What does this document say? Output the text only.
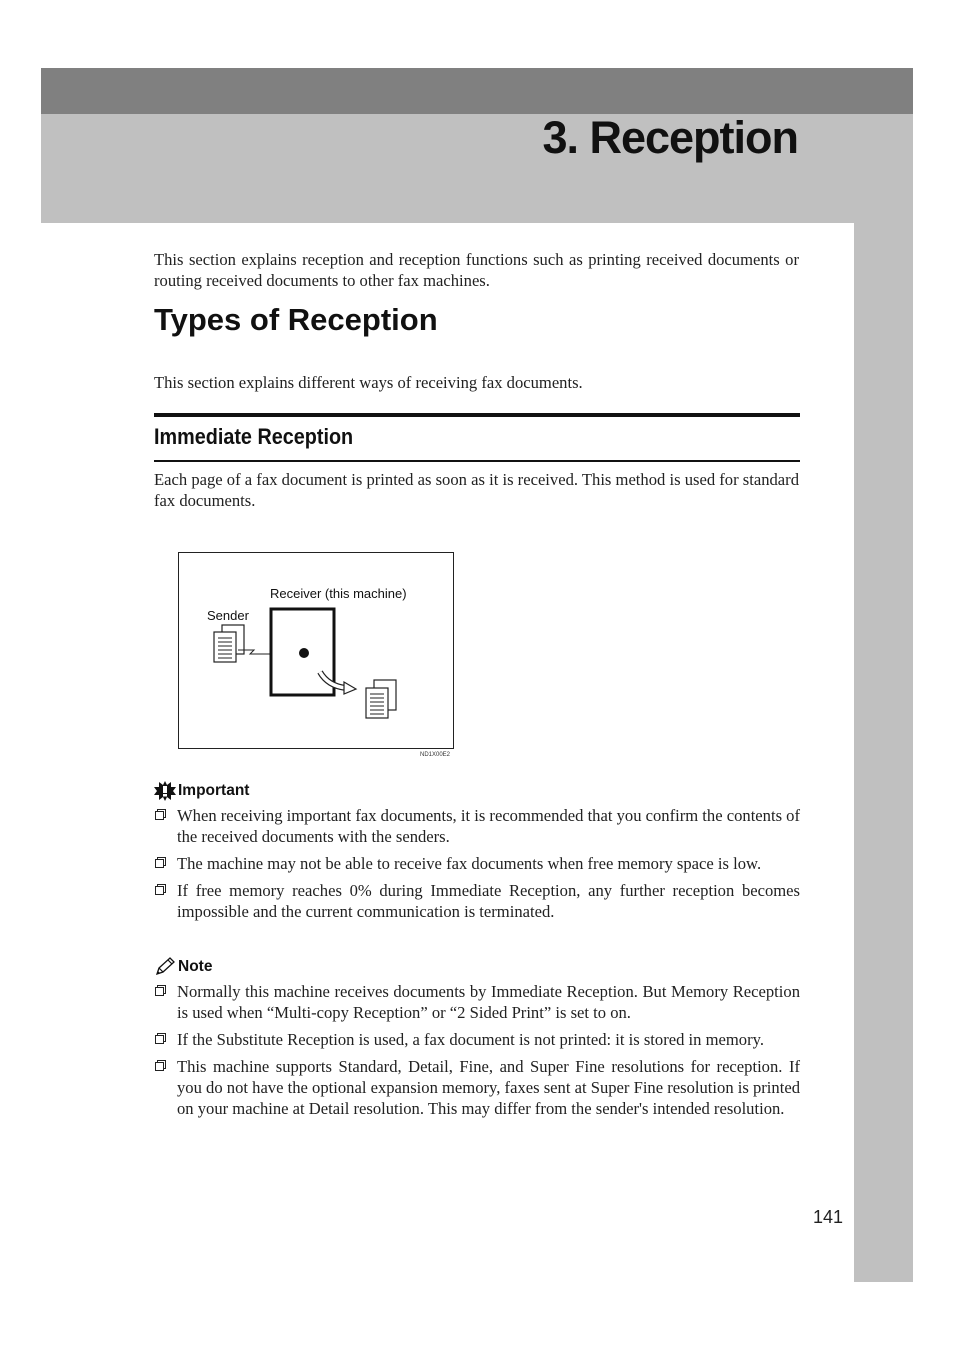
3. Reception

This section explains reception and reception functions such as printing received documents or routing received documents to other fax machines.

Types of Reception

This section explains different ways of receiving fax documents.

Immediate Reception

Each page of a fax document is printed as soon as it is received. This method is used for standard fax documents.

Receiver (this machine)
Sender
ND1X00E2
Important
When receiving important fax documents, it is recommended that you confirm the contents of the received documents with the senders.
The machine may not be able to receive fax documents when free memory space is low.
If free memory reaches 0% during Immediate Reception, any further reception becomes impossible and the current communication is terminated.
Note
Normally this machine receives documents by Immediate Reception. But Memory Reception is used when “Multi-copy Reception” or “2 Sided Print” is set to on.
If the Substitute Reception is used, a fax document is not printed: it is stored in memory.
This machine supports Standard, Detail, Fine, and Super Fine resolutions for reception. If you do not have the optional expansion memory, faxes sent at Super Fine resolution is printed on your machine at Detail resolution. This may differ from the sender's intended resolution.
141
